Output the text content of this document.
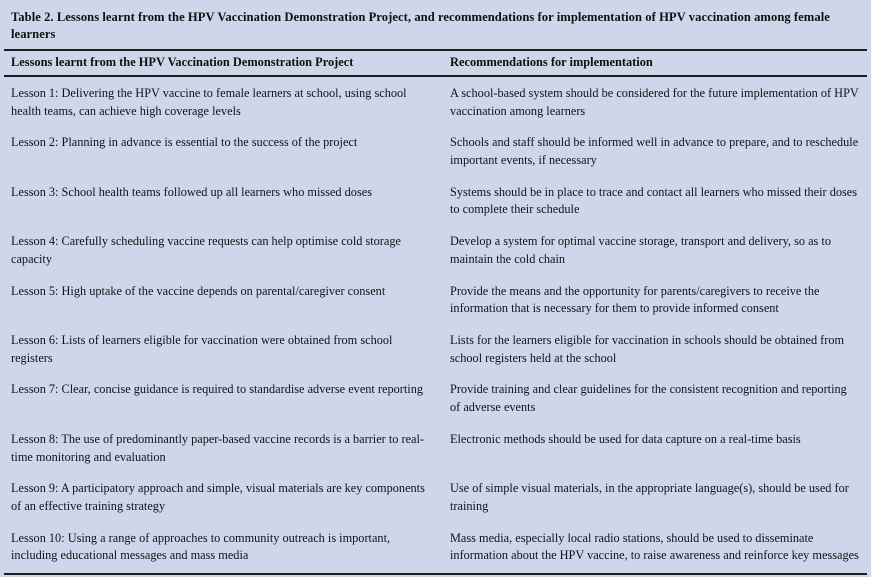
Table 2. Lessons learnt from the HPV Vaccination Demonstration Project, and recommendations for implementation of HPV vaccination among female learners
Lessons learnt from the HPV Vaccination Demonstration Project	Recommendations for implementation
Lesson 1: Delivering the HPV vaccine to female learners at school, using school health teams, can achieve high coverage levels	A school-based system should be considered for the future implementation of HPV vaccination among learners
Lesson 2: Planning in advance is essential to the success of the project	Schools and staff should be informed well in advance to prepare, and to reschedule important events, if necessary
Lesson 3: School health teams followed up all learners who missed doses	Systems should be in place to trace and contact all learners who missed their doses to complete their schedule
Lesson 4: Carefully scheduling vaccine requests can help optimise cold storage capacity	Develop a system for optimal vaccine storage, transport and delivery, so as to maintain the cold chain
Lesson 5: High uptake of the vaccine depends on parental/caregiver consent	Provide the means and the opportunity for parents/caregivers to receive the information that is necessary for them to provide informed consent
Lesson 6: Lists of learners eligible for vaccination were obtained from school registers	Lists for the learners eligible for vaccination in schools should be obtained from school registers held at the school
Lesson 7: Clear, concise guidance is required to standardise adverse event reporting	Provide training and clear guidelines for the consistent recognition and reporting of adverse events
Lesson 8: The use of predominantly paper-based vaccine records is a barrier to real-time monitoring and evaluation	Electronic methods should be used for data capture on a real-time basis
Lesson 9: A participatory approach and simple, visual materials are key components of an effective training strategy	Use of simple visual materials, in the appropriate language(s), should be used for training
Lesson 10: Using a range of approaches to community outreach is important, including educational messages and mass media	Mass media, especially local radio stations, should be used to disseminate information about the HPV vaccine, to raise awareness and reinforce key messages
